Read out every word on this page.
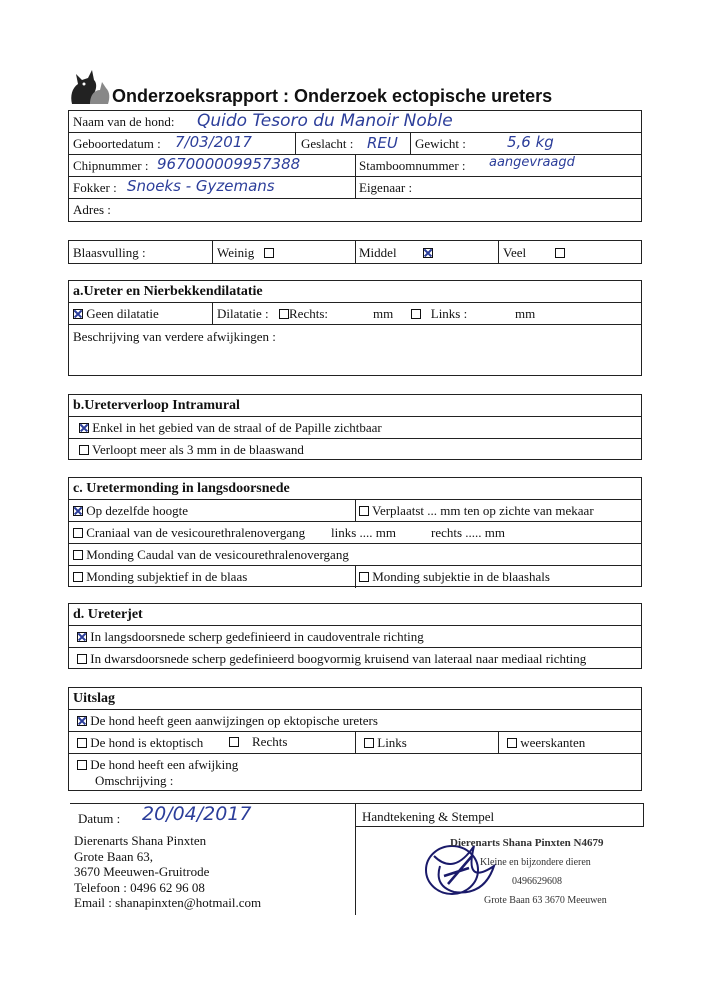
Onderzoeksrapport : Onderzoek ectopische ureters
Naam van de hond: Quido Tesoro du Manoir Noble
Geboortedatum : 7/03/2017	Geslacht : REU Gewicht :	5,6 kg
Chipnummer : 967000009957388	Stamboomnummer : aangevraagd
Fokker : Snoeks - Gyzemans	Eigenaar :
Adres :
Blaasvulling :	Weinig	Middel	Veel
a.Ureter en Nierbekkendilatatie
Geen dilatatie	Dilatatie :	Rechts:	mm	Links :	mm
Beschrijving van verdere afwijkingen :
b.Ureterverloop Intramural
Enkel in het gebied van de straal of de Papille zichtbaar
Verloopt meer als 3 mm in de blaaswand
c. Uretermonding in langsdoorsnede
Op dezelfde hoogte	Verplaatst ... mm ten op zichte van mekaar
Craniaal van de vesicourethralenovergang links .... mm	rechts ..... mm
Monding Caudal van de vesicourethralenovergang
Monding subjektief in de blaas	Monding subjektie in de blaashals
d. Ureterjet
In langsdoorsnede scherp gedefinieerd in caudoventrale richting
In dwarsdoorsnede scherp gedefinieerd boogvormig kruisend van lateraal naar mediaal richting
Uitslag
De hond heeft geen aanwijzingen op ektopische ureters
De hond is ektoptisch	Rechts	Links	weerskanten
De hond heeft een afwijking
Omschrijving :
Datum : 20/04/2017	Handtekening & Stempel
Dierenarts Shana Pinxten
Grote Baan 63,
3670 Meeuwen-Gruitrode
Telefoon : 0496 62 96 08
Email : shanapinxten@hotmail.com
Dierenarts Shana Pinxten N4679
Kleine en bijzondere dieren
0496629608
Grote Baan 63 3670 Meeuwen
